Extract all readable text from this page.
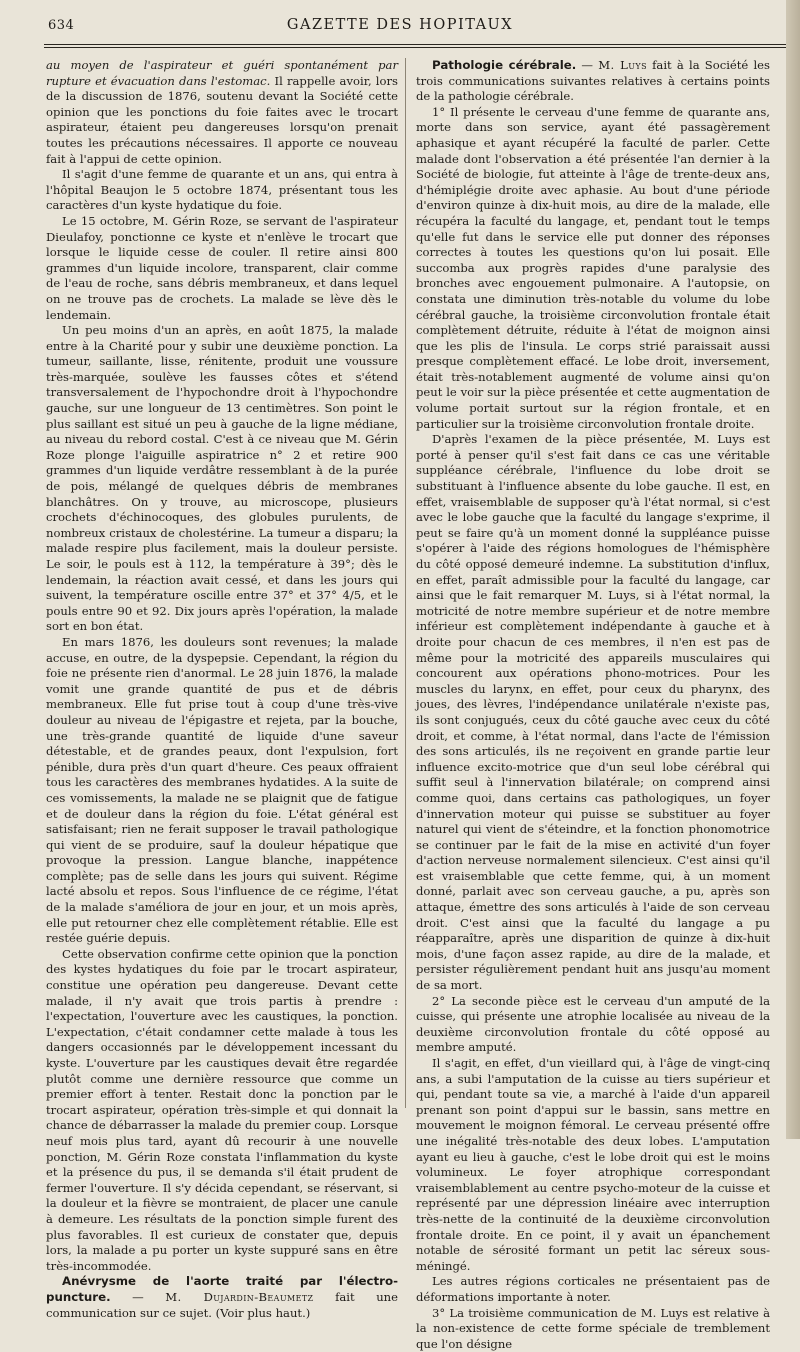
634	GAZETTE DES HOPITAUX

au moyen de l'aspirateur et guéri spontanément par rupture et évacuation dans l'estomac. Il rappelle avoir, lors de la discussion de 1876, soutenu devant la Société cette opinion que les ponctions du foie faites avec le trocart aspirateur, étaient peu dangereuses lorsqu'on prenait toutes les précautions nécessaires. Il apporte ce nouveau fait à l'appui de cette opinion.

Il s'agit d'une femme de quarante et un ans, qui entra à l'hôpital Beaujon le 5 octobre 1874, présentant tous les caractères d'un kyste hydatique du foie.

Le 15 octobre, M. Gérin Roze, se servant de l'aspirateur Dieulafoy, ponctionne ce kyste et n'enlève le trocart que lorsque le liquide cesse de couler. Il retire ainsi 800 grammes d'un liquide incolore, transparent, clair comme de l'eau de roche, sans débris membraneux, et dans lequel on ne trouve pas de crochets. La malade se lève dès le lendemain.

Un peu moins d'un an après, en août 1875, la malade entre à la Charité pour y subir une deuxième ponction. La tumeur, saillante, lisse, rénitente, produit une voussure très-marquée, soulève les fausses côtes et s'étend transversalement de l'hypochondre droit à l'hypochondre gauche, sur une longueur de 13 centimètres. Son point le plus saillant est situé un peu à gauche de la ligne médiane, au niveau du rebord costal. C'est à ce niveau que M. Gérin Roze plonge l'aiguille aspiratrice n° 2 et retire 900 grammes d'un liquide verdâtre ressemblant à de la purée de pois, mélangé de quelques débris de membranes blanchâtres. On y trouve, au microscope, plusieurs crochets d'échinocoques, des globules purulents, de nombreux cristaux de cholestérine. La tumeur a disparu; la malade respire plus facilement, mais la douleur persiste. Le soir, le pouls est à 112, la température à 39°; dès le lendemain, la réaction avait cessé, et dans les jours qui suivent, la température oscille entre 37° et 37° 4/5, et le pouls entre 90 et 92. Dix jours après l'opération, la malade sort en bon état.

En mars 1876, les douleurs sont revenues; la malade accuse, en outre, de la dyspepsie. Cependant, la région du foie ne présente rien d'anormal. Le 28 juin 1876, la malade vomit une grande quantité de pus et de débris membraneux. Elle fut prise tout à coup d'une très-vive douleur au niveau de l'épigastre et rejeta, par la bouche, une très-grande quantité de liquide d'une saveur détestable, et de grandes peaux, dont l'expulsion, fort pénible, dura près d'un quart d'heure. Ces peaux offraient tous les caractères des membranes hydatides. A la suite de ces vomissements, la malade ne se plaignit que de fatigue et de douleur dans la région du foie. L'état général est satisfaisant; rien ne ferait supposer le travail pathologique qui vient de se produire, sauf la douleur hépatique que provoque la pression. Langue blanche, inappétence complète; pas de selle dans les jours qui suivent. Régime lacté absolu et repos. Sous l'influence de ce régime, l'état de la malade s'améliora de jour en jour, et un mois après, elle put retourner chez elle complètement rétablie. Elle est restée guérie depuis.

Cette observation confirme cette opinion que la ponction des kystes hydatiques du foie par le trocart aspirateur, constitue une opération peu dangereuse. Devant cette malade, il n'y avait que trois partis à prendre : l'expectation, l'ouverture avec les caustiques, la ponction. L'expectation, c'était condamner cette malade à tous les dangers occasionnés par le développement incessant du kyste. L'ouverture par les caustiques devait être regardée plutôt comme une dernière ressource que comme un premier effort à tenter. Restait donc la ponction par le trocart aspirateur, opération très-simple et qui donnait la chance de débarrasser la malade du premier coup. Lorsque neuf mois plus tard, ayant dû recourir à une nouvelle ponction, M. Gérin Roze constata l'inflammation du kyste et la présence du pus, il se demanda s'il était prudent de fermer l'ouverture. Il s'y décida cependant, se réservant, si la douleur et la fièvre se montraient, de placer une canule à demeure. Les résultats de la ponction simple furent des plus favorables. Il est curieux de constater que, depuis lors, la malade a pu porter un kyste suppuré sans en être très-incommodée.

Anévrysme de l'aorte traité par l'électro-puncture. — M. Dujardin-Beaumetz fait une communication sur ce sujet. (Voir plus haut.)

Pathologie cérébrale. — M. Luys fait à la Société les trois communications suivantes relatives à certains points de la pathologie cérébrale.

1° Il présente le cerveau d'une femme de quarante ans, morte dans son service, ayant été passagèrement aphasique et ayant récupéré la faculté de parler. Cette malade dont l'observation a été présentée l'an dernier à la Société de biologie, fut atteinte à l'âge de trente-deux ans, d'hémiplégie droite avec aphasie. Au bout d'une période d'environ quinze à dix-huit mois, au dire de la malade, elle récupéra la faculté du langage, et, pendant tout le temps qu'elle fut dans le service elle put donner des réponses correctes à toutes les questions qu'on lui posait. Elle succomba aux progrès rapides d'une paralysie des bronches avec engouement pulmonaire. A l'autopsie, on constata une diminution très-notable du volume du lobe cérébral gauche, la troisième circonvolution frontale était complètement détruite, réduite à l'état de moignon ainsi que les plis de l'insula. Le corps strié paraissait aussi presque complètement effacé. Le lobe droit, inversement, était très-notablement augmenté de volume ainsi qu'on peut le voir sur la pièce présentée et cette augmentation de volume portait surtout sur la région frontale, et en particulier sur la troisième circonvolution frontale droite.

D'après l'examen de la pièce présentée, M. Luys est porté à penser qu'il s'est fait dans ce cas une véritable suppléance cérébrale, l'influence du lobe droit se substituant à l'influence absente du lobe gauche. Il est, en effet, vraisemblable de supposer qu'à l'état normal, si c'est avec le lobe gauche que la faculté du langage s'exprime, il peut se faire qu'à un moment donné la suppléance puisse s'opérer à l'aide des régions homologues de l'hémisphère du côté opposé demeuré indemne. La substitution d'influx, en effet, paraît admissible pour la faculté du langage, car ainsi que le fait remarquer M. Luys, si à l'état normal, la motricité de notre membre supérieur et de notre membre inférieur est complètement indépendante à gauche et à droite pour chacun de ces membres, il n'en est pas de même pour la motricité des appareils musculaires qui concourent aux opérations phono-motrices. Pour les muscles du larynx, en effet, pour ceux du pharynx, des joues, des lèvres, l'indépendance unilatérale n'existe pas, ils sont conjugués, ceux du côté gauche avec ceux du côté droit, et comme, à l'état normal, dans l'acte de l'émission des sons articulés, ils ne reçoivent en grande partie leur influence excito-motrice que d'un seul lobe cérébral qui suffit seul à l'innervation bilatérale; on comprend ainsi comme quoi, dans certains cas pathologiques, un foyer d'innervation moteur qui puisse se substituer au foyer naturel qui vient de s'éteindre, et la fonction phonomotrice se continuer par le fait de la mise en activité d'un foyer d'action nerveuse normalement silencieux. C'est ainsi qu'il est vraisemblable que cette femme, qui, à un moment donné, parlait avec son cerveau gauche, a pu, après son attaque, émettre des sons articulés à l'aide de son cerveau droit. C'est ainsi que la faculté du langage a pu réapparaître, après une disparition de quinze à dix-huit mois, d'une façon assez rapide, au dire de la malade, et persister régulièrement pendant huit ans jusqu'au moment de sa mort.

2° La seconde pièce est le cerveau d'un amputé de la cuisse, qui présente une atrophie localisée au niveau de la deuxième circonvolution frontale du côté opposé au membre amputé.

Il s'agit, en effet, d'un vieillard qui, à l'âge de vingt-cinq ans, a subi l'amputation de la cuisse au tiers supérieur et qui, pendant toute sa vie, a marché à l'aide d'un appareil prenant son point d'appui sur le bassin, sans mettre en mouvement le moignon fémoral. Le cerveau présenté offre une inégalité très-notable des deux lobes. L'amputation ayant eu lieu à gauche, c'est le lobe droit qui est le moins volumineux. Le foyer atrophique correspondant vraisemblablement au centre psycho-moteur de la cuisse et représenté par une dépression linéaire avec interruption très-nette de la continuité de la deuxième circonvolution frontale droite. En ce point, il y avait un épanchement notable de sérosité formant un petit lac séreux sous-méningé.

Les autres régions corticales ne présentaient pas de déformations importante à noter.

3° La troisième communication de M. Luys est relative à la non-existence de cette forme spéciale de tremblement que l'on désigne
